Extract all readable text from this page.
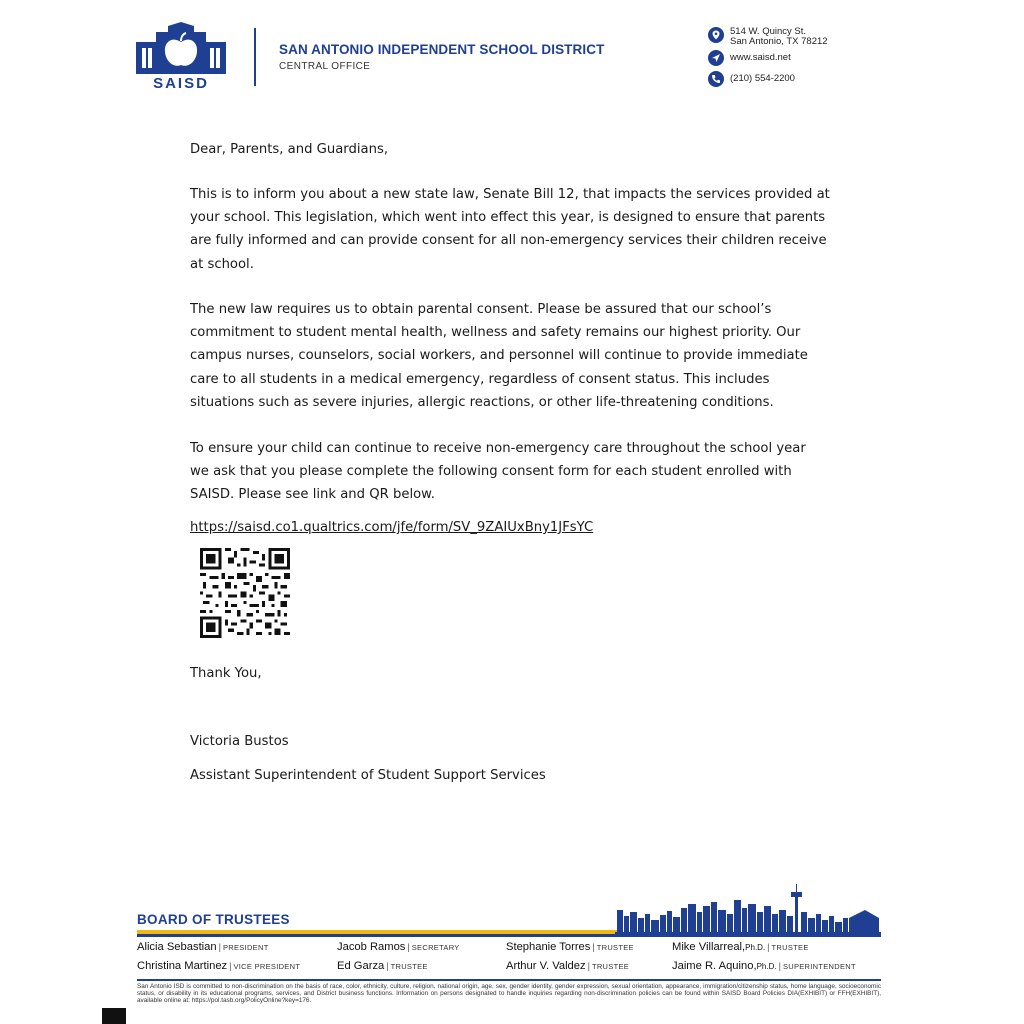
SAISD
SAN ANTONIO INDEPENDENT SCHOOL DISTRICT
CENTRAL OFFICE
514 W. Quincy St.
San Antonio, TX 78212
www.saisd.net
(210) 554-2200
Dear, Parents, and Guardians,
This is to inform you about a new state law, Senate Bill 12, that impacts the services provided at
your school. This legislation, which went into effect this year, is designed to ensure that parents
are fully informed and can provide consent for all non-emergency services their children receive
at school.
The new law requires us to obtain parental consent. Please be assured that our school’s
commitment to student mental health, wellness and safety remains our highest priority. Our
campus nurses, counselors, social workers, and personnel will continue to provide immediate
care to all students in a medical emergency, regardless of consent status. This includes
situations such as severe injuries, allergic reactions, or other life-threatening conditions.
To ensure your child can continue to receive non-emergency care throughout the school year
we ask that you please complete the following consent form for each student enrolled with
SAISD. Please see link and QR below.
https://saisd.co1.qualtrics.com/jfe/form/SV_9ZAIUxBny1JFsYC
Thank You,
Victoria Bustos
Assistant Superintendent of Student Support Services
BOARD OF TRUSTEES
Alicia Sebastian | PRESIDENT
Christina Martinez | VICE PRESIDENT
Jacob Ramos | SECRETARY
Ed Garza | TRUSTEE
Stephanie Torres | TRUSTEE
Arthur V. Valdez | TRUSTEE
Mike Villarreal,Ph.D. | TRUSTEE
Jaime R. Aquino,Ph.D. | SUPERINTENDENT
San Antonio ISD is committed to non-discrimination on the basis of race, color, ethnicity, culture, religion, national origin, age, sex, gender identity, gender expression, sexual orientation, appearance, immigration/citizenship status, home language, socioeconomic status, or disability in its educational programs, services, and District business functions. Information on persons designated to handle inquiries regarding non-discrimination policies can be found within SAISD Board Policies DIA(EXHIBIT) or FFH(EXHIBIT), available online at: https://pol.tasb.org/PolicyOnline?key=176.
